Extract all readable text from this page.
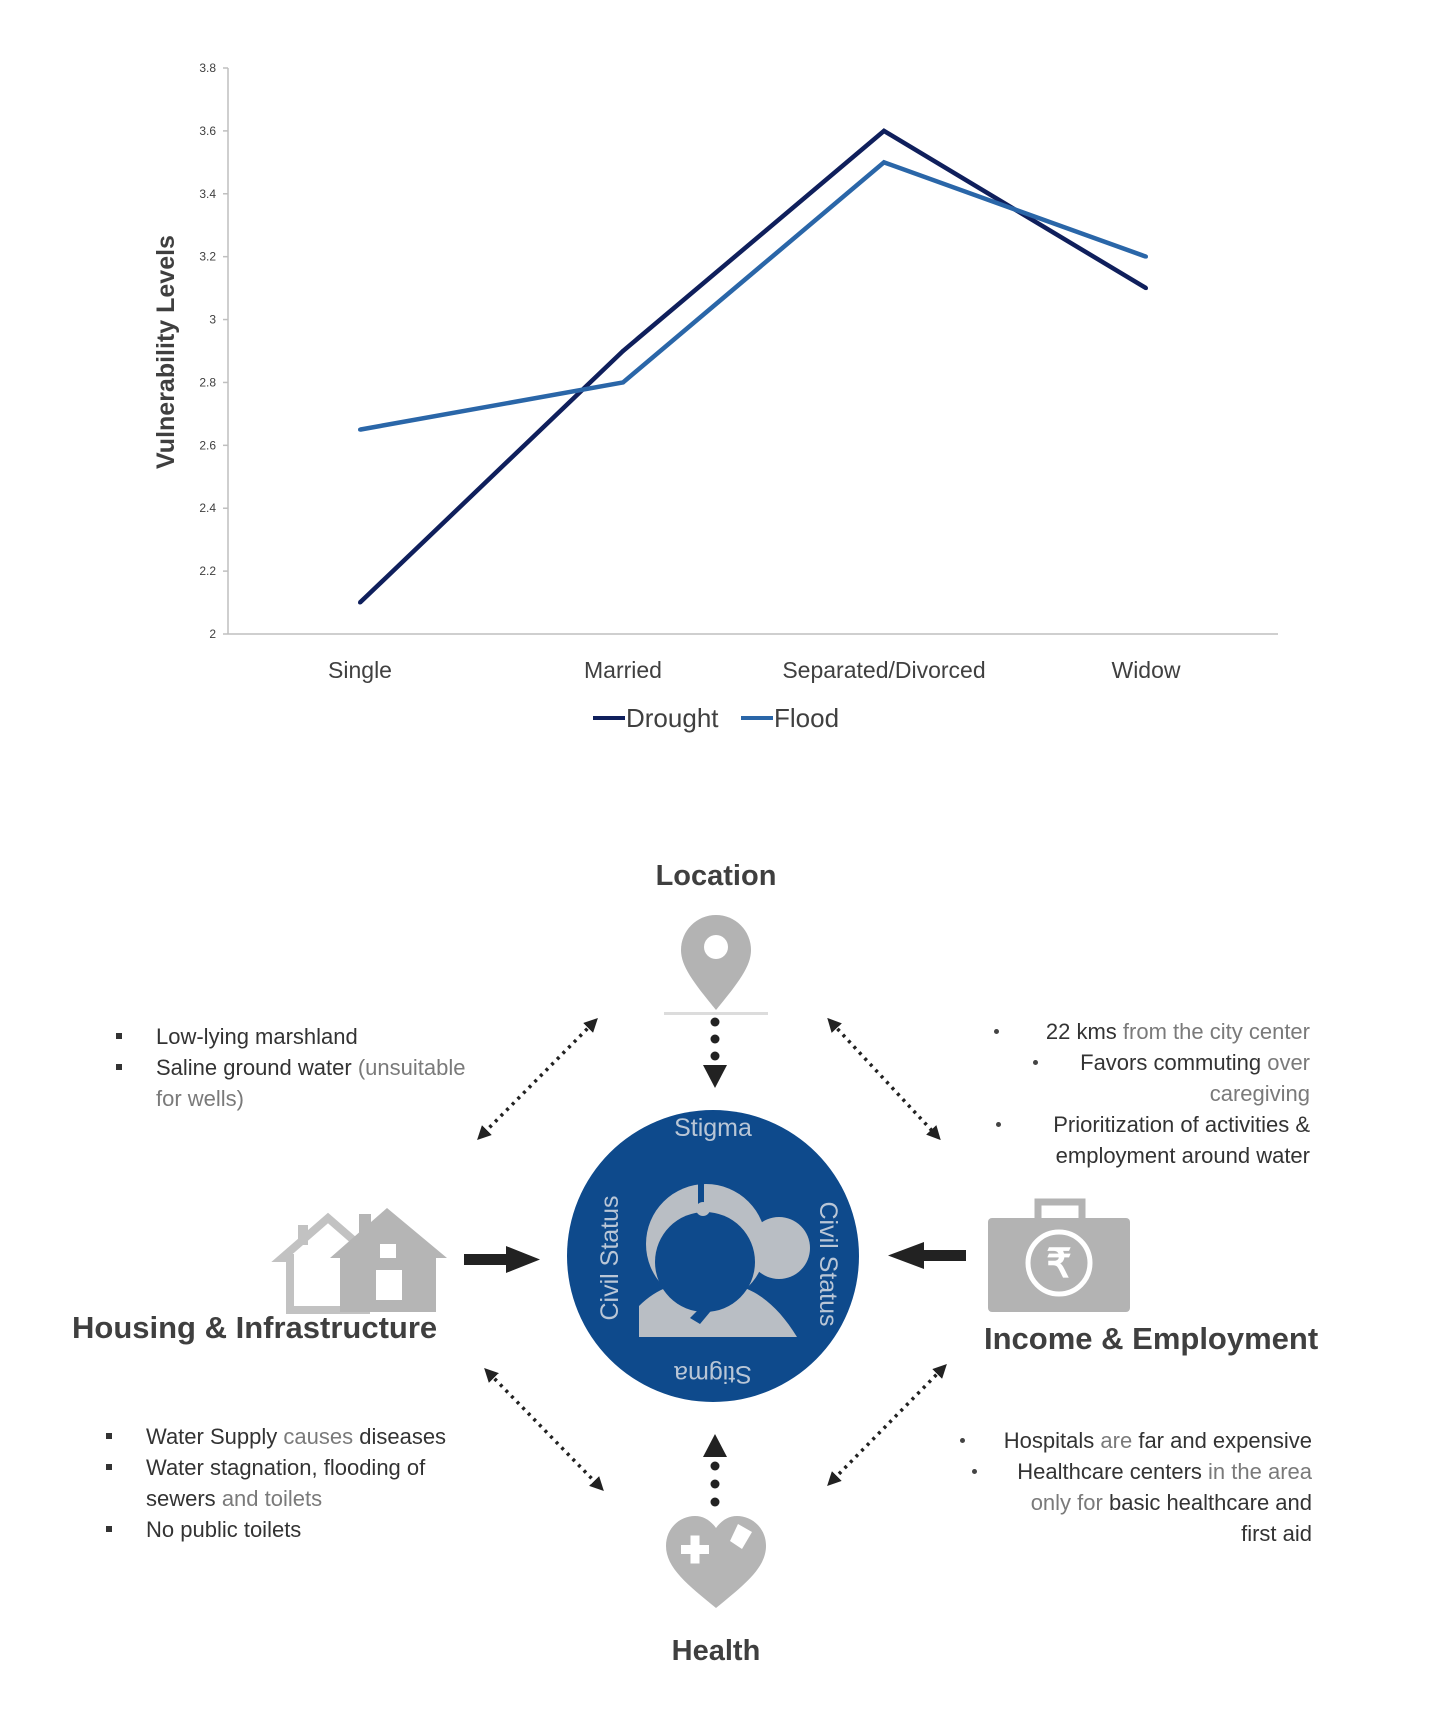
2
2.2
2.4
2.6
2.8
3
3.2
3.4
3.6
3.8
Single	Married	Separated/Divorced	Widow
Vulnerability Levels
Drought Flood
₹
Stigma
Stigma
Civil Status	Civil Status
Location
Housing & Infrastructure	Income & Employment
Health
Low-lying marshland
Saline ground water (unsuitable
for wells)
22 kms from the city center
Favors commuting over
caregiving
Prioritization of activities &
employment around water
Water Supply causes diseases
Water stagnation, flooding of
sewers and toilets
No public toilets
Hospitals are far and expensive
Healthcare centers in the area
only for basic healthcare and
first aid
